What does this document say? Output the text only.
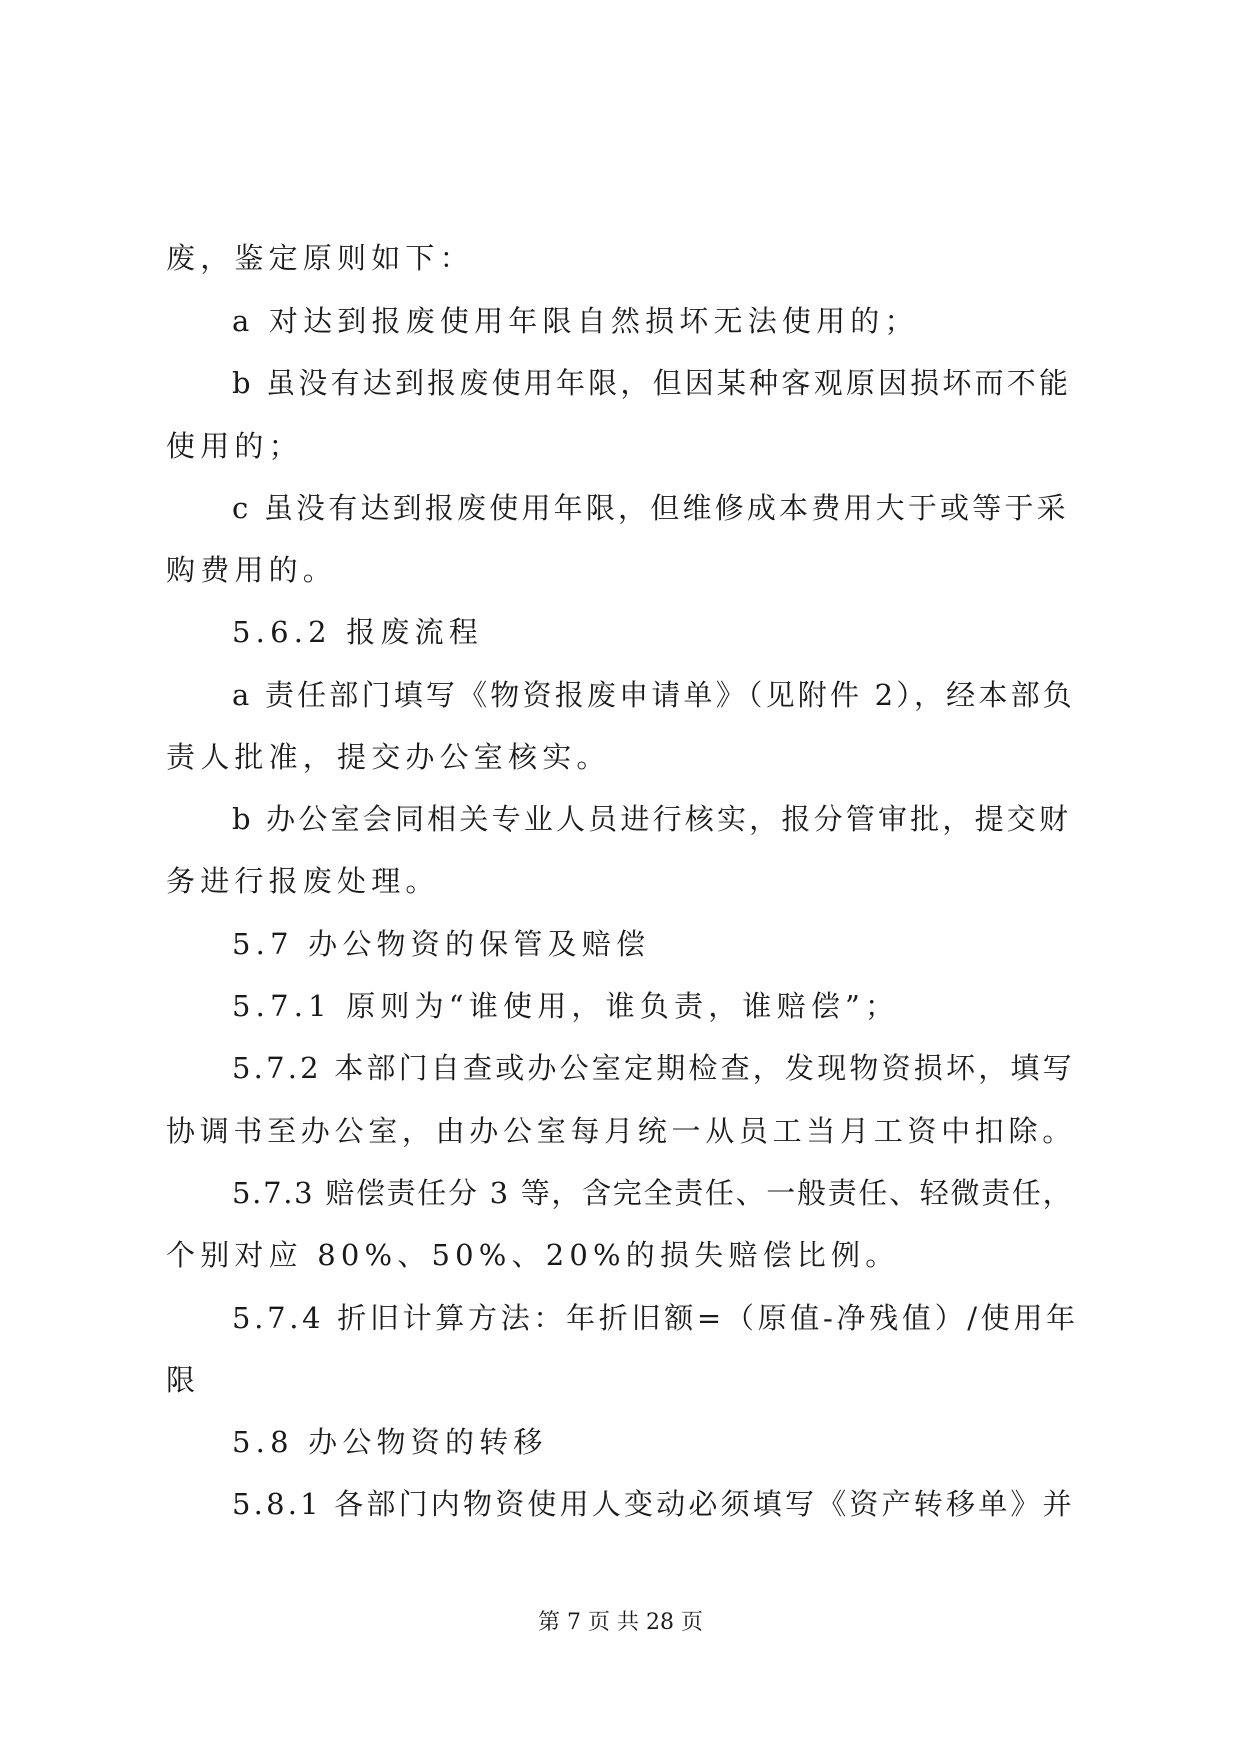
废，鉴定原则如下：
a 对达到报废使用年限自然损坏无法使用的；
b 虽没有达到报废使用年限，但因某种客观原因损坏而不能
使用的；
c 虽没有达到报废使用年限，但维修成本费用大于或等于采
购费用的。
5.6.2 报废流程
a 责任部门填写《物资报废申请单》（见附件 2），经本部负
责人批准，提交办公室核实。
b 办公室会同相关专业人员进行核实，报分管审批，提交财
务进行报废处理。
5.7 办公物资的保管及赔偿
5.7.1 原则为“谁使用，谁负责，谁赔偿”；
5.7.2 本部门自查或办公室定期检查，发现物资损坏，填写
协调书至办公室，由办公室每月统一从员工当月工资中扣除。
5.7.3 赔偿责任分 3 等，含完全责任、一般责任、轻微责任，
个别对应 80%、50%、20%的损失赔偿比例。
5.7.4 折旧计算方法：年折旧额=（原值-净残值）/使用年
限
5.8 办公物资的转移
5.8.1 各部门内物资使用人变动必须填写《资产转移单》并
第 7 页 共 28 页
